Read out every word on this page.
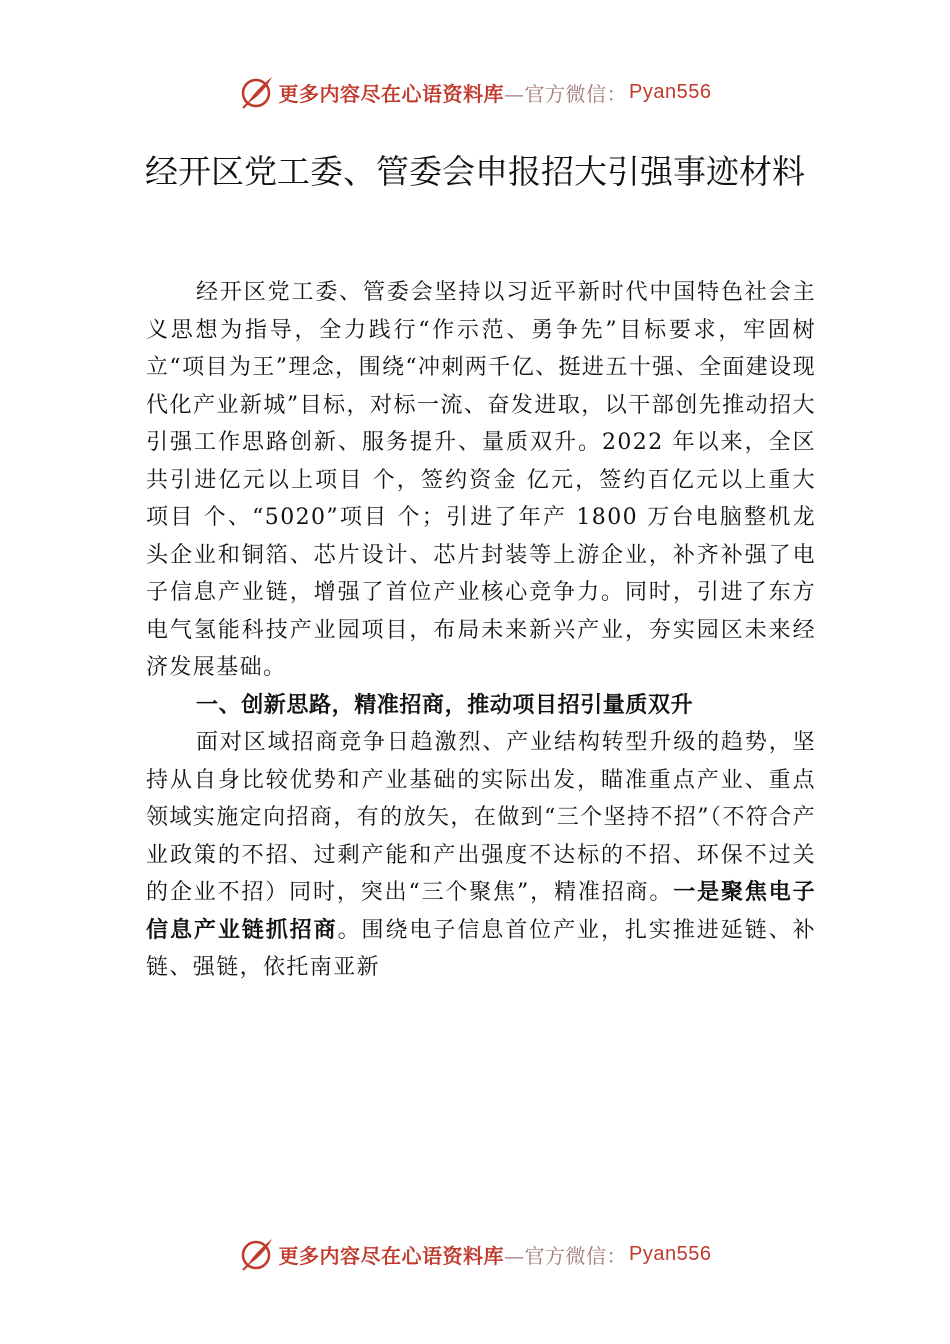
更多内容尽在心语资料库 —官方微信： Pyan556
经开区党工委、管委会申报招大引强事迹材料

经开区党工委、管委会坚持以习近平新时代中国特色社会主义思想为指导，全力践行“作示范、勇争先”目标要求，牢固树立“项目为王”理念，围绕“冲刺两千亿、挺进五十强、全面建设现代化产业新城”目标，对标一流、奋发进取，以干部创先推动招大引强工作思路创新、服务提升、量质双升。2022 年以来，全区共引进亿元以上项目 个，签约资金 亿元，签约百亿元以上重大项目 个、“5020”项目 个；引进了年产 1800 万台电脑整机龙头企业和铜箔、芯片设计、芯片封装等上游企业，补齐补强了电子信息产业链，增强了首位产业核心竞争力。同时，引进了东方电气氢能科技产业园项目，布局未来新兴产业，夯实园区未来经济发展基础。

一、创新思路，精准招商，推动项目招引量质双升

面对区域招商竞争日趋激烈、产业结构转型升级的趋势，坚持从自身比较优势和产业基础的实际出发，瞄准重点产业、重点领域实施定向招商，有的放矢，在做到“三个坚持不招”（不符合产业政策的不招、过剩产能和产出强度不达标的不招、环保不过关的企业不招）同时，突出“三个聚焦”，精准招商。一是聚焦电子信息产业链抓招商。围绕电子信息首位产业，扎实推进延链、补链、强链，依托南亚新

更多内容尽在心语资料库 —官方微信： Pyan556
